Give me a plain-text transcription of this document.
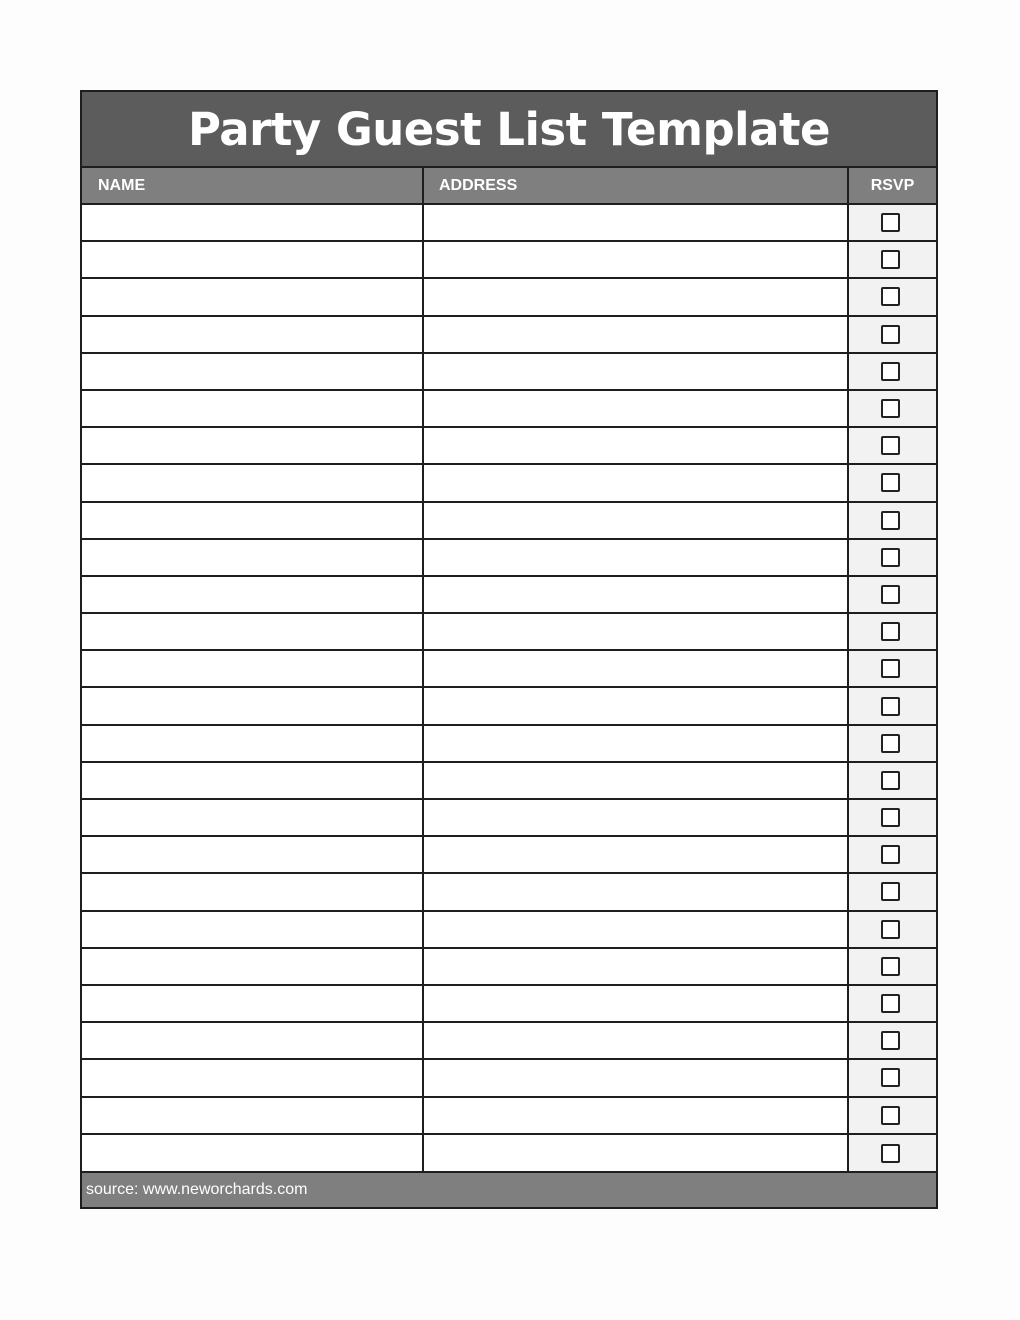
Party Guest List Template
NAME	ADDRESS	RSVP
source: www.neworchards.com
